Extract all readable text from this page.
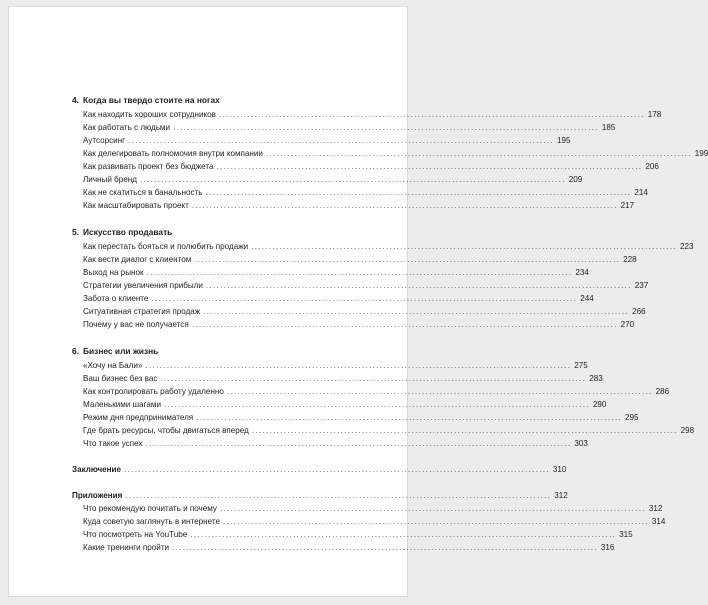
4. Когда вы твердо стоите на ногах
Как находить хороших сотрудников ........................................................................................................................ 178
Как работать с людьми ........................................................................................................................ 185
Аутсорсинг ........................................................................................................................ 195
Как делегировать полномочия внутри компании ........................................................................................................................ 199
Как развивать проект без бюджета ........................................................................................................................ 206
Личный бренд ........................................................................................................................ 209
Как не скатиться в банальность ........................................................................................................................ 214
Как масштабировать проект ........................................................................................................................ 217
5. Искусство продавать
Как перестать бояться и полюбить продажи ........................................................................................................................ 223
Как вести диалог с клиентом ........................................................................................................................ 228
Выход на рынок ........................................................................................................................ 234
Стратегии увеличения прибыли ........................................................................................................................ 237
Забота о клиенте ........................................................................................................................ 244
Ситуативная стратегия продаж ........................................................................................................................ 266
Почему у вас не получается ........................................................................................................................ 270
6. Бизнес или жизнь
«Хочу на Бали» ........................................................................................................................ 275
Ваш бизнес без вас ........................................................................................................................ 283
Как контролировать работу удаленно ........................................................................................................................ 286
Маленькими шагами ........................................................................................................................ 290
Режим дня предпринимателя ........................................................................................................................ 295
Где брать ресурсы, чтобы двигаться вперед ........................................................................................................................ 298
Что такое успех ........................................................................................................................ 303
Заключение ........................................................................................................................ 310
Приложения ........................................................................................................................ 312
Что рекомендую почитать и почему ........................................................................................................................ 312
Куда советую заглянуть в интернете ........................................................................................................................ 314
Что посмотреть на YouTube ........................................................................................................................ 315
Какие тренинги пройти ........................................................................................................................ 316
